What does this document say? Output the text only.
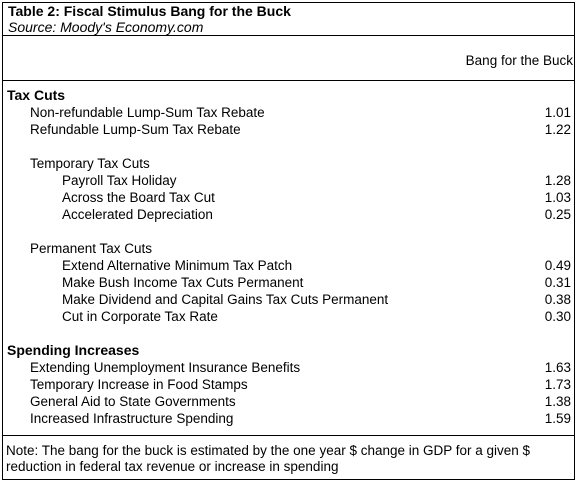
Table 2: Fiscal Stimulus Bang for the Buck
Source: Moody's Economy.com
Bang for the Buck
Tax Cuts
Non-refundable Lump-Sum Tax Rebate	1.01
Refundable Lump-Sum Tax Rebate	1.22
Temporary Tax Cuts
Payroll Tax Holiday	1.28
Across the Board Tax Cut	1.03
Accelerated Depreciation	0.25
Permanent Tax Cuts
Extend Alternative Minimum Tax Patch	0.49
Make Bush Income Tax Cuts Permanent	0.31
Make Dividend and Capital Gains Tax Cuts Permanent	0.38
Cut in Corporate Tax Rate	0.30
Spending Increases
Extending Unemployment Insurance Benefits	1.63
Temporary Increase in Food Stamps	1.73
General Aid to State Governments	1.38
Increased Infrastructure Spending	1.59
Note: The bang for the buck is estimated by the one year $ change in GDP for a given $ reduction in federal tax revenue or increase in spending
